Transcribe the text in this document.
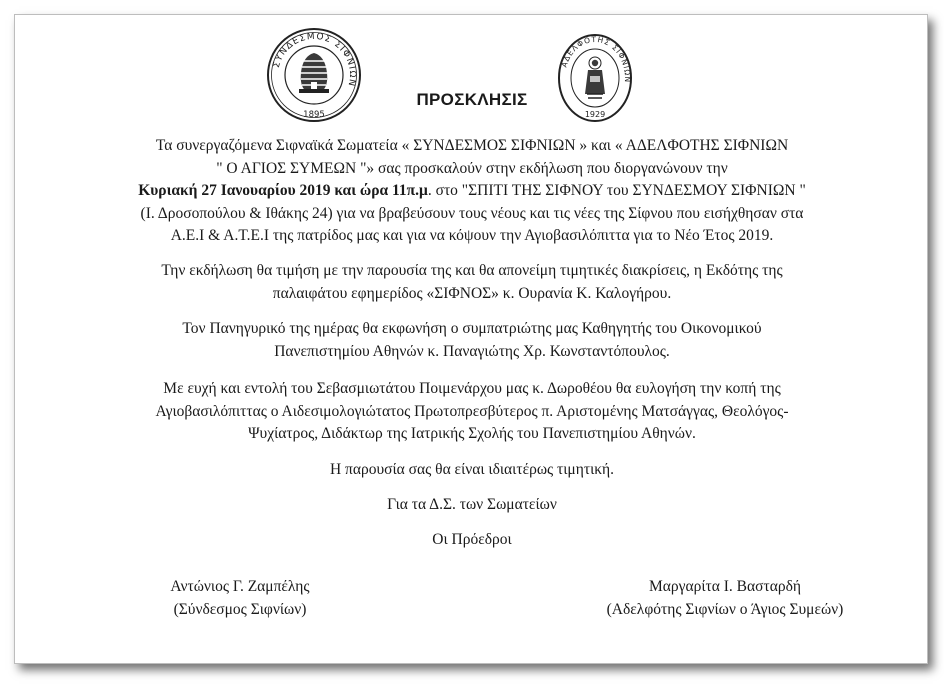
ΣΥΝΔΕΣΜΟΣ ΣΙΦΝΙΩΝ
1895
ΑΔΕΛΦΟΤΗΣ ΣΙΦΝΙΩΝ
1929
ΠΡΟΣΚΛΗΣΙΣ

Τα συνεργαζόμενα Σιφναϊκά Σωματεία « ΣΥΝΔΕΣΜΟΣ ΣΙΦΝΙΩΝ » και « ΑΔΕΛΦΟΤΗΣ ΣΙΦΝΙΩΝ
" Ο ΑΓΙΟΣ ΣΥΜΕΩΝ "» σας προσκαλούν στην εκδήλωση που διοργανώνουν την
Κυριακή 27 Ιανουαρίου 2019 και ώρα 11π.μ. στο "ΣΠΙΤΙ ΤΗΣ ΣΙΦΝΟΥ του ΣΥΝΔΕΣΜΟΥ ΣΙΦΝΙΩΝ "
(Ι. Δροσοπούλου & Ιθάκης 24) για να βραβεύσουν τους νέους και τις νέες της Σίφνου που εισήχθησαν στα
Α.Ε.Ι & Α.Τ.Ε.Ι της πατρίδος μας και για να κόψουν την Αγιοβασιλόπιττα για το Νέο Έτος 2019.

Την εκδήλωση θα τιμήση με την παρουσία της και θα απονείμη τιμητικές διακρίσεις, η Εκδότης της
παλαιφάτου εφημερίδος «ΣΙΦΝΟΣ» κ. Ουρανία Κ. Καλογήρου.

Τον Πανηγυρικό της ημέρας θα εκφωνήση ο συμπατριώτης μας Καθηγητής του Οικονομικού
Πανεπιστημίου Αθηνών κ. Παναγιώτης Χρ. Κωνσταντόπουλος.

Με ευχή και εντολή του Σεβασμιωτάτου Ποιμενάρχου μας κ. Δωροθέου θα ευλογήση την κοπή της
Αγιοβασιλόπιττας ο Αιδεσιμολογιώτατος Πρωτοπρεσβύτερος π. Αριστομένης Ματσάγγας, Θεολόγος-
Ψυχίατρος, Διδάκτωρ της Ιατρικής Σχολής του Πανεπιστημίου Αθηνών.

Η παρουσία σας θα είναι ιδιαιτέρως τιμητική.

Για τα Δ.Σ. των Σωματείων

Οι Πρόεδροι

Αντώνιος Γ. Ζαμπέλης
(Σύνδεσμος Σιφνίων)
Μαργαρίτα Ι. Βασταρδή
(Αδελφότης Σιφνίων ο Άγιος Συμεών)
